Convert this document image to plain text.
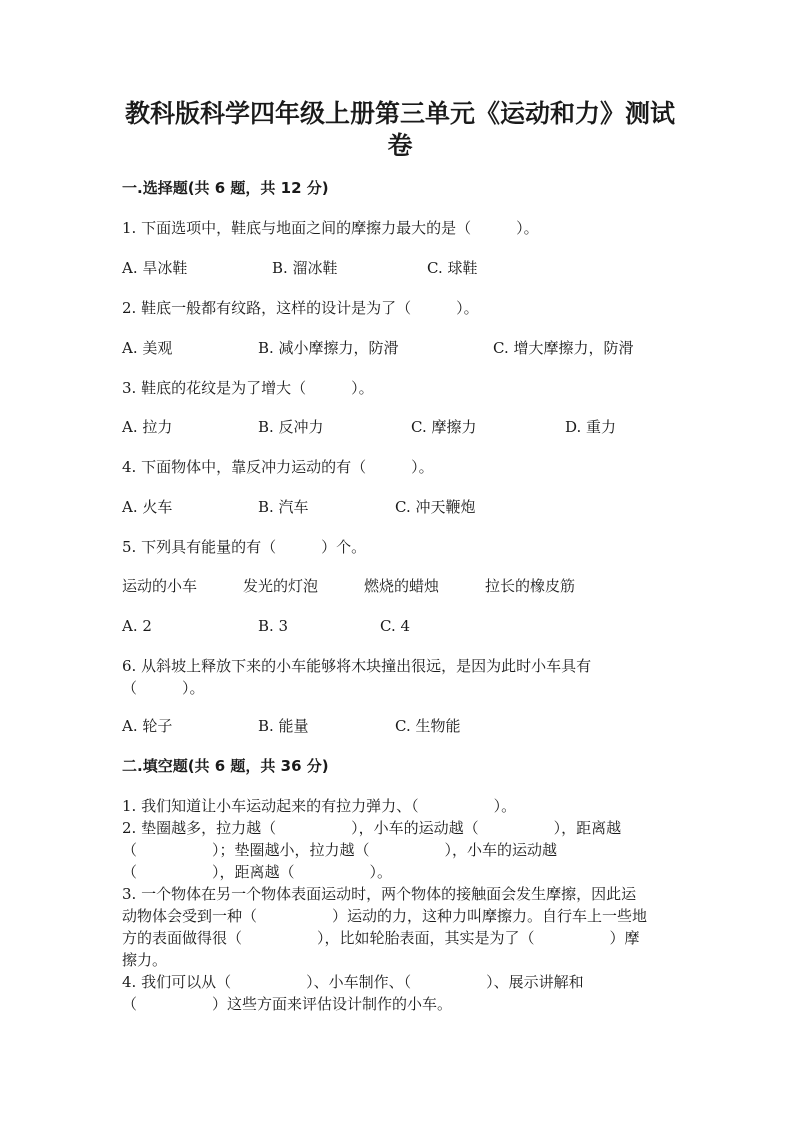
教科版科学四年级上册第三单元《运动和力》测试
卷
一.选择题(共 6 题，共 12 分)

1. 下面选项中，鞋底与地面之间的摩擦力最大的是（　　　）。

A. 旱冰鞋	B. 溜冰鞋	C. 球鞋

2. 鞋底一般都有纹路，这样的设计是为了（　　　）。

A. 美观	B. 减小摩擦力，防滑	C. 增大摩擦力，防滑

3. 鞋底的花纹是为了增大（　　　）。

A. 拉力	B. 反冲力	C. 摩擦力	D. 重力

4. 下面物体中，靠反冲力运动的有（　　　）。

A. 火车	B. 汽车	C. 冲天鞭炮

5. 下列具有能量的有（　　　）个。

运动的小车	发光的灯泡	燃烧的蜡烛	拉长的橡皮筋
A. 2	B. 3	C. 4

6. 从斜坡上释放下来的小车能够将木块撞出很远，是因为此时小车具有

（　　　）。

A. 轮子	B. 能量	C. 生物能
二.填空题(共 6 题，共 36 分)

1. 我们知道让小车运动起来的有拉力弹力、（　　　　　）。

2. 垫圈越多，拉力越（　　　　　），小车的运动越（　　　　　），距离越

（　　　　　）；垫圈越小，拉力越（　　　　　），小车的运动越

（　　　　　），距离越（　　　　　）。

3. 一个物体在另一个物体表面运动时，两个物体的接触面会发生摩擦，因此运

动物体会受到一种（　　　　　）运动的力，这种力叫摩擦力。自行车上一些地

方的表面做得很（　　　　　），比如轮胎表面，其实是为了（　　　　　）摩

擦力。

4. 我们可以从（　　　　　）、小车制作、（　　　　　）、展示讲解和

（　　　　　）这些方面来评估设计制作的小车。
